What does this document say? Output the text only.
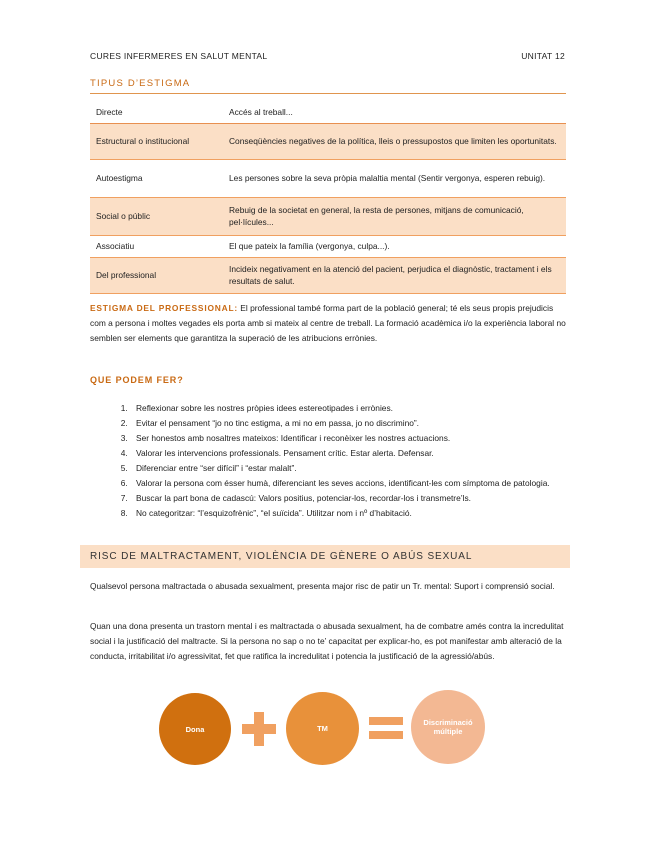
CURES INFERMERES EN SALUT MENTAL	UNITAT 12
TIPUS D’ESTIGMA
Directe	Accés al treball...
Estructural o institucional	Conseqüències negatives de la política, lleis o pressupostos que limiten les oportunitats.
Autoestigma	Les persones sobre la seva pròpia malaltia mental (Sentir vergonya, esperen rebuig).
Social o públic	Rebuig de la societat en general, la resta de persones, mitjans de comunicació, pel·lícules...
Associatiu	El que pateix la família (vergonya, culpa...).
Del professional	Incideix negativament en la atenció del pacient, perjudica el diagnòstic, tractament i els resultats de salut.
ESTIGMA DEL PROFESSIONAL: El professional també forma part de la població general; té els seus propis prejudicis com a persona i moltes vegades els porta amb si mateix al centre de treball. La formació acadèmica i/o la experiència laboral no semblen ser elements que garantitza la superació de les atribucions errònies.
QUE PODEM FER?
1. Reflexionar sobre les nostres pròpies idees estereotipades i errònies.
2. Evitar el pensament “jo no tinc estigma, a mi no em passa, jo no discrimino”.
3. Ser honestos amb nosaltres mateixos: Identificar i reconèixer les nostres actuacions.
4. Valorar les intervencions professionals. Pensament crític. Estar alerta. Defensar.
5. Diferenciar entre “ser difícil” i “estar malalt”.
6. Valorar la persona com ésser humà, diferenciant les seves accions, identificant-les com símptoma de patologia.
7. Buscar la part bona de cadascú: Valors positius, potenciar-los, recordar-los i transmetre’ls.
8. No categoritzar: “l’esquizofrènic”, “el suïcida”. Utilitzar nom i nº d’habitació.
RISC DE MALTRACTAMENT, VIOLÈNCIA DE GÈNERE O ABÚS SEXUAL
Qualsevol persona maltractada o abusada sexualment, presenta major risc de patir un Tr. mental: Suport i comprensió social.
Quan una dona presenta un trastorn mental i es maltractada o abusada sexualment, ha de combatre amés contra la incredulitat social i la justificació del maltracte. Si la persona no sap o no te’ capacitat per explicar-ho, es pot manifestar amb alteració de la conducta, irritabilitat i/o agressivitat, fet que ratifica la incredulitat i potencia la justificació de la agressió/abús.
Dona	TM
Discriminació múltiple
